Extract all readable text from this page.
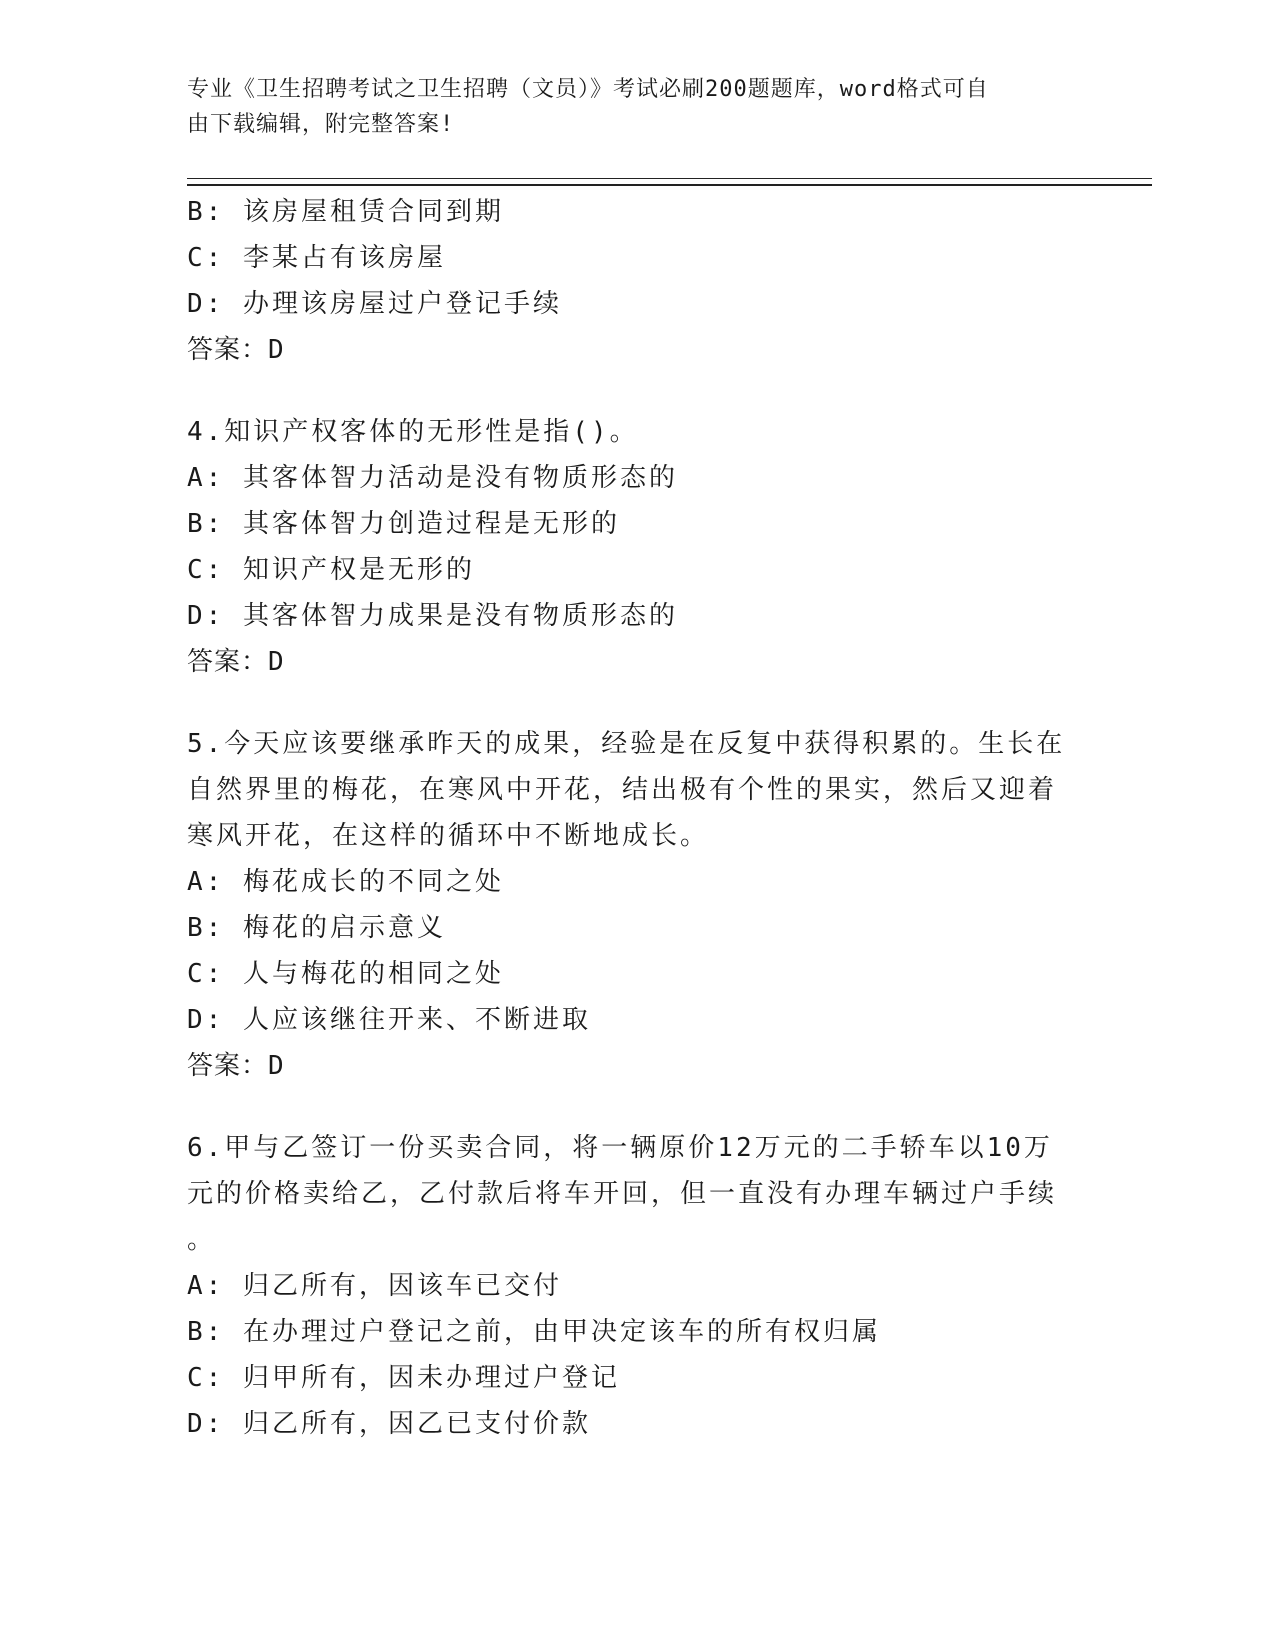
专业《卫生招聘考试之卫生招聘（文员）》考试必刷200题题库，word格式可自
由下载编辑，附完整答案!
B: 该房屋租赁合同到期
C: 李某占有该房屋
D: 办理该房屋过户登记手续
答案：D
4.知识产权客体的无形性是指()。
A: 其客体智力活动是没有物质形态的
B: 其客体智力创造过程是无形的
C: 知识产权是无形的
D: 其客体智力成果是没有物质形态的
答案：D
5.今天应该要继承昨天的成果，经验是在反复中获得积累的。生长在
自然界里的梅花，在寒风中开花，结出极有个性的果实，然后又迎着
寒风开花，在这样的循环中不断地成长。
A: 梅花成长的不同之处
B: 梅花的启示意义
C: 人与梅花的相同之处
D: 人应该继往开来、不断进取
答案：D
6.甲与乙签订一份买卖合同，将一辆原价12万元的二手轿车以10万
元的价格卖给乙，乙付款后将车开回，但一直没有办理车辆过户手续
。
A: 归乙所有，因该车已交付
B: 在办理过户登记之前，由甲决定该车的所有权归属
C: 归甲所有，因未办理过户登记
D: 归乙所有，因乙已支付价款
